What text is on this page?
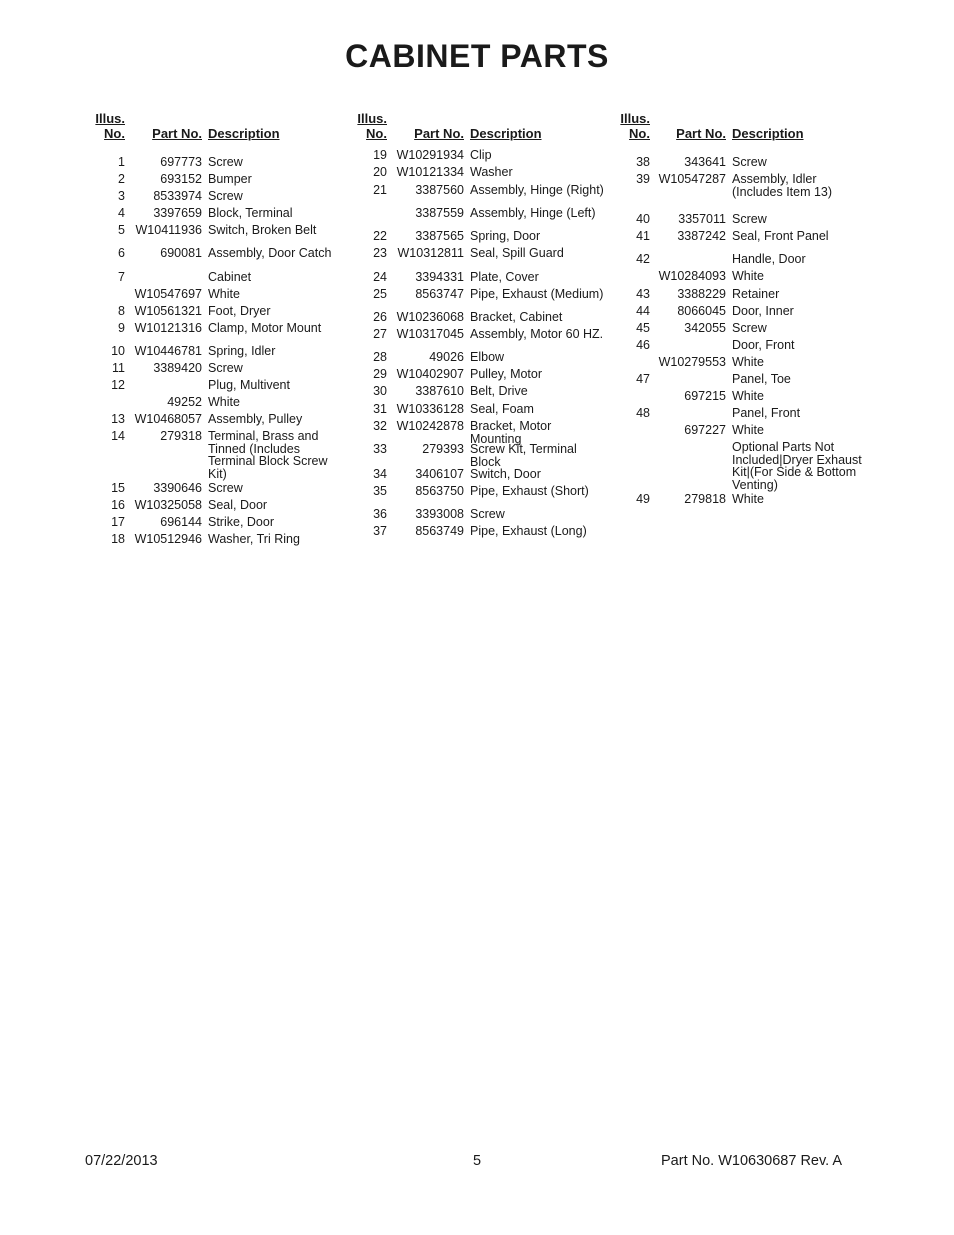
CABINET PARTS
Illus.
No.	Part No. Description
1	697773 Screw
2	693152 Bumper
3	8533974 Screw
4	3397659 Block, Terminal
5 W10411936 Switch, Broken Belt
6	690081 Assembly, Door Catch
7	Cabinet
W10547697 White
8 W10561321 Foot, Dryer
9 W10121316 Clamp, Motor Mount
10 W10446781 Spring, Idler
11	3389420 Screw
12	Plug, Multivent
49252 White
13 W10468057 Assembly, Pulley
14	279318 Terminal, Brass and Tinned (Includes Terminal Block Screw Kit)
15	3390646 Screw
16 W10325058 Seal, Door
17	696144 Strike, Door
18 W10512946 Washer, Tri Ring
Illus.
No.	Part No. Description
19 W10291934 Clip
20 W10121334 Washer
21	3387560 Assembly, Hinge (Right)
3387559 Assembly, Hinge (Left)
22	3387565 Spring, Door
23 W10312811 Seal, Spill Guard
24	3394331 Plate, Cover
25	8563747 Pipe, Exhaust (Medium)
26 W10236068 Bracket, Cabinet
27 W10317045 Assembly, Motor 60 HZ.
28	49026 Elbow
29 W10402907 Pulley, Motor
30	3387610 Belt, Drive
31 W10336128 Seal, Foam
32 W10242878 Bracket, Motor Mounting
33	279393 Screw Kit, Terminal Block
34	3406107 Switch, Door
35	8563750 Pipe, Exhaust (Short)
36	3393008 Screw
37	8563749 Pipe, Exhaust (Long)
Illus.
No.	Part No. Description
38	343641 Screw
39 W10547287 Assembly, Idler (Includes Item 13)
40	3357011 Screw
41	3387242 Seal, Front Panel
42	Handle, Door
W10284093 White
43	3388229 Retainer
44	8066045 Door, Inner
45	342055 Screw
46	Door, Front
W10279553 White
47	Panel, Toe
697215 White
48	Panel, Front
697227 White
Optional Parts Not Included|Dryer Exhaust Kit|(For Side & Bottom Venting)
49	279818 White
07/22/2013	5	Part No. W10630687 Rev. A
